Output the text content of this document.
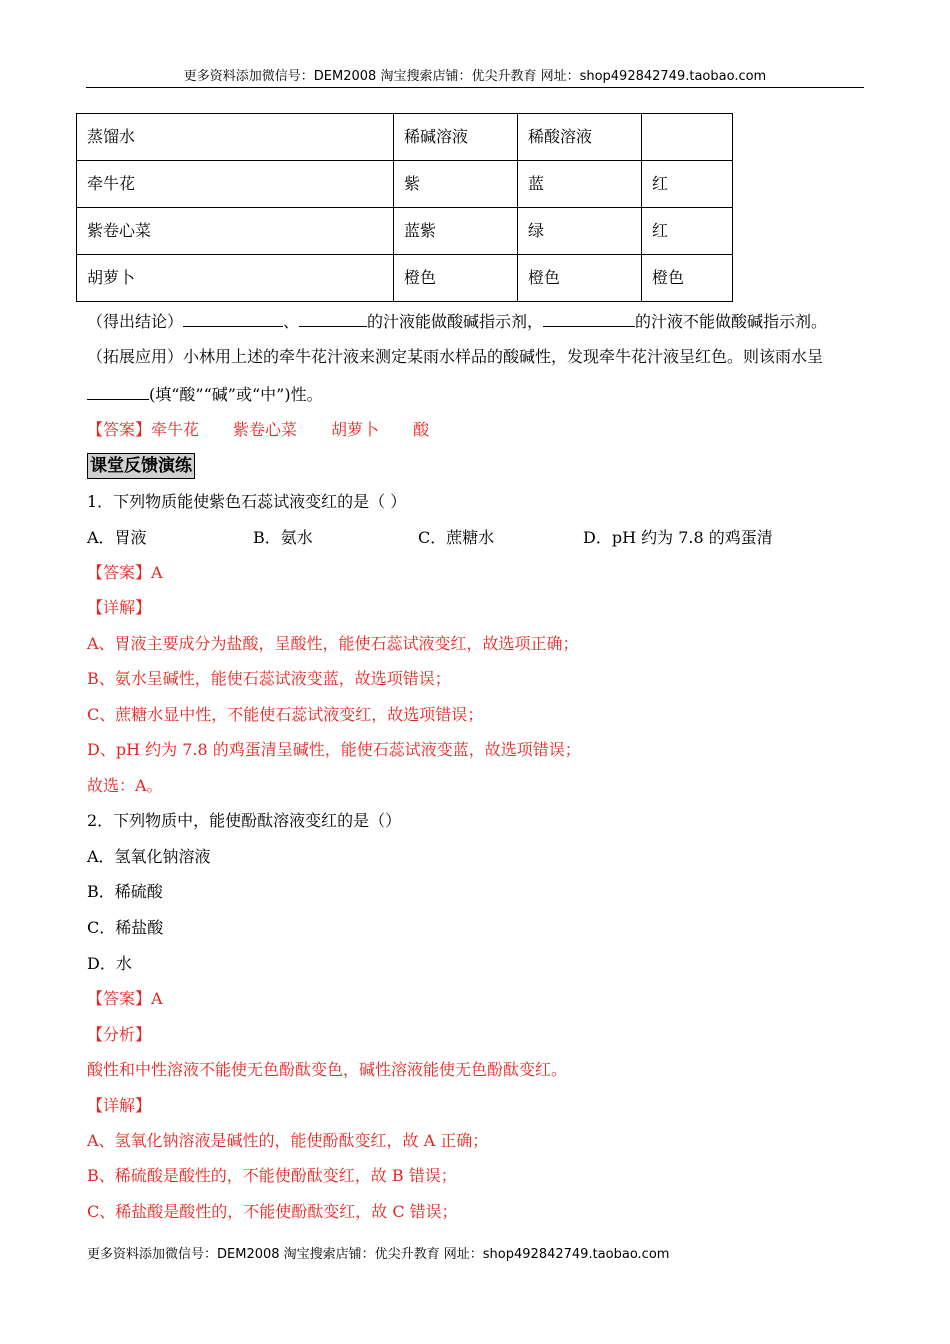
更多资料添加微信号：DEM2008 淘宝搜索店铺：优尖升教育 网址：shop492842749.taobao.com
蒸馏水	稀碱溶液	稀酸溶液	
牵牛花	紫	蓝	红
紫卷心菜	蓝紫	绿	红
胡萝卜	橙色	橙色	橙色
（得出结论）	、	的汁液能做酸碱指示剂，	的汁液不能做酸碱指示剂。
（拓展应用）小林用上述的牵牛花汁液来测定某雨水样品的酸碱性，发现牵牛花汁液呈红色。则该雨水呈
(填“酸”“碱”或“中”)性。
【答案】牵牛花 紫卷心菜 胡萝卜 酸
课堂反馈演练
1．下列物质能使紫色石蕊试液变红的是（ ）
A．胃液	B．氨水	C．蔗糖水	D．pH 约为 7.8 的鸡蛋清
【答案】A
【详解】
A、胃液主要成分为盐酸，呈酸性，能使石蕊试液变红，故选项正确；
B、氨水呈碱性，能使石蕊试液变蓝，故选项错误；
C、蔗糖水显中性，不能使石蕊试液变红，故选项错误；
D、pH 约为 7.8 的鸡蛋清呈碱性，能使石蕊试液变蓝，故选项错误；
故选：A。
2．下列物质中，能使酚酞溶液变红的是（）
A．氢氧化钠溶液
B．稀硫酸
C．稀盐酸
D．水
【答案】A
【分析】
酸性和中性溶液不能使无色酚酞变色，碱性溶液能使无色酚酞变红。
【详解】
A、氢氧化钠溶液是碱性的，能使酚酞变红，故 A 正确；
B、稀硫酸是酸性的，不能使酚酞变红，故 B 错误；
C、稀盐酸是酸性的，不能使酚酞变红，故 C 错误；
更多资料添加微信号：DEM2008 淘宝搜索店铺：优尖升教育 网址：shop492842749.taobao.com
